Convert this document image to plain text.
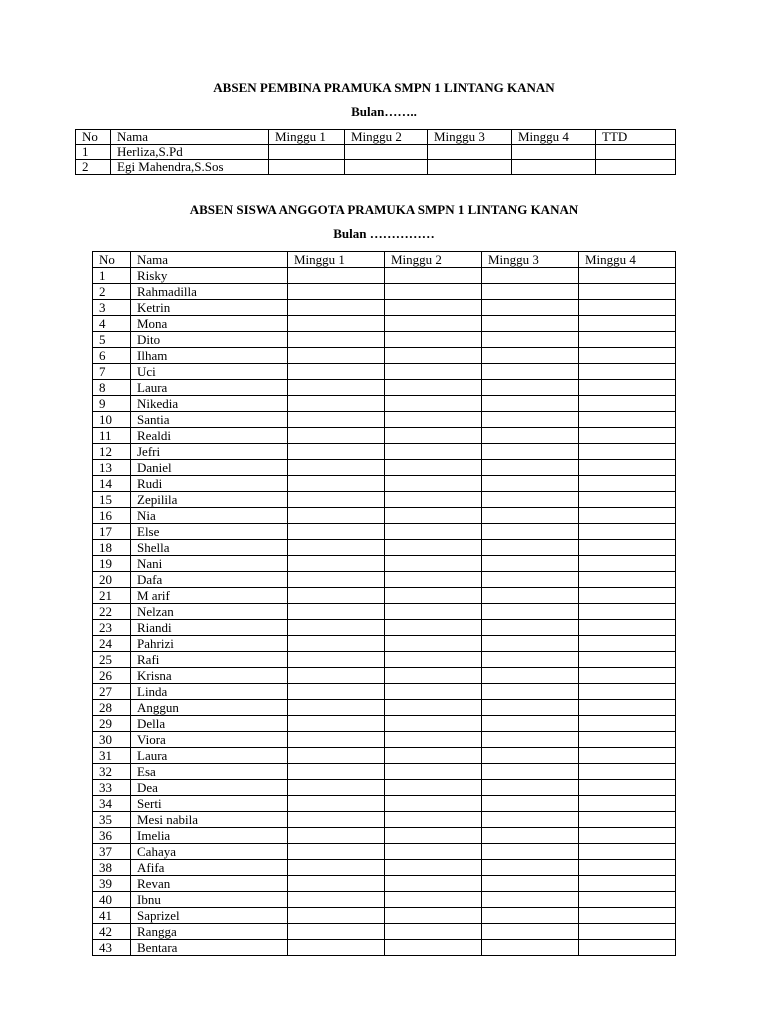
ABSEN PEMBINA PRAMUKA SMPN 1 LINTANG KANAN

Bulan……..

No	Nama	Minggu 1	Minggu 2	Minggu 3	Minggu 4	TTD
1	Herliza,S.Pd					
2	Egi Mahendra,S.Sos					
ABSEN SISWA ANGGOTA PRAMUKA SMPN 1 LINTANG KANAN

Bulan ……………

No	Nama	Minggu 1	Minggu 2	Minggu 3	Minggu 4
1	Risky				
2	Rahmadilla				
3	Ketrin				
4	Mona				
5	Dito				
6	Ilham				
7	Uci				
8	Laura				
9	Nikedia				
10	Santia				
11	Realdi				
12	Jefri				
13	Daniel				
14	Rudi				
15	Zepilila				
16	Nia				
17	Else				
18	Shella				
19	Nani				
20	Dafa				
21	M arif				
22	Nelzan				
23	Riandi				
24	Pahrizi				
25	Rafi				
26	Krisna				
27	Linda				
28	Anggun				
29	Della				
30	Viora				
31	Laura				
32	Esa				
33	Dea				
34	Serti				
35	Mesi nabila				
36	Imelia				
37	Cahaya				
38	Afifa				
39	Revan				
40	Ibnu				
41	Saprizel				
42	Rangga				
43	Bentara				
